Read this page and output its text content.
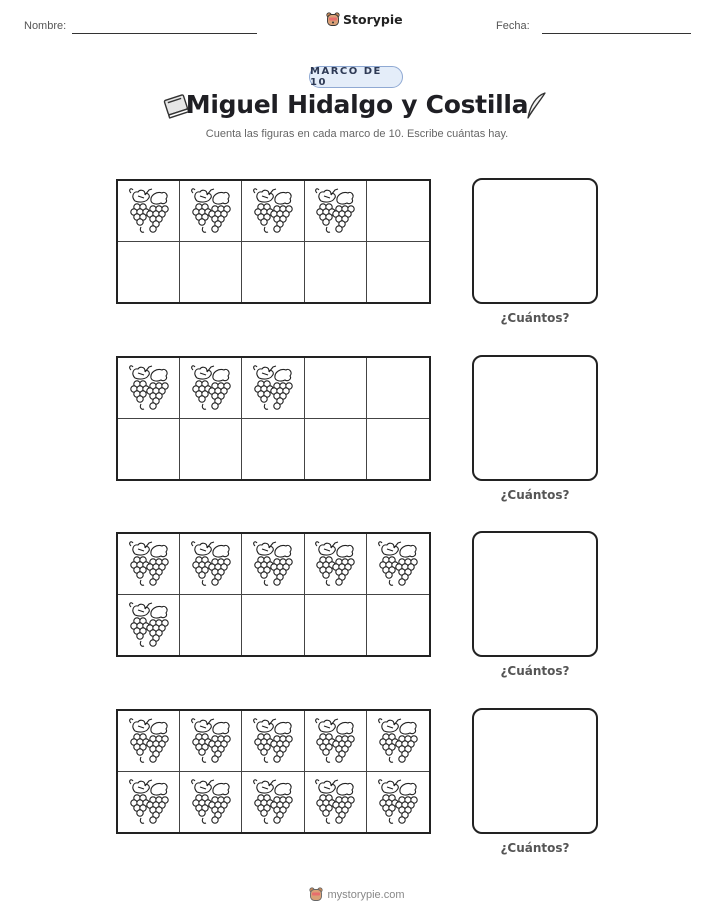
Nombre:	Storypie	Fecha:
MARCO DE 10
Miguel Hidalgo y Costilla
Cuenta las figuras en cada marco de 10. Escribe cuántas hay.
¿Cuántos?
¿Cuántos?
¿Cuántos?
¿Cuántos?
mystorypie.com
